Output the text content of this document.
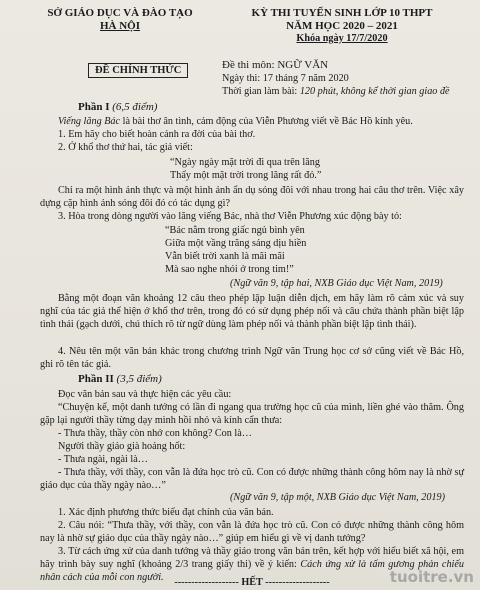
SỞ GIÁO DỤC VÀ ĐÀO TẠO
HÀ NỘI
ĐỀ CHÍNH THỨC
KỲ THI TUYỂN SINH LỚP 10 THPT
NĂM HỌC 2020 – 2021
Khóa ngày 17/7/2020
Đề thi môn: NGỮ VĂN
Ngày thi: 17 tháng 7 năm 2020
Thời gian làm bài: 120 phút, không kể thời gian giao đề
Phần I (6,5 điểm)
Viếng lăng Bác là bài thơ ân tình, cảm động của Viễn Phương viết về Bác Hồ kính yêu.
1. Em hãy cho biết hoàn cảnh ra đời của bài thơ.
2. Ở khổ thơ thứ hai, tác giả viết:
“Ngày ngày mặt trời đi qua trên lăng
Thấy một mặt trời trong lăng rất đỏ.”
Chỉ ra một hình ảnh thực và một hình ảnh ẩn dụ sóng đôi với nhau trong hai câu thơ trên. Việc xây dựng cặp hình ảnh sóng đôi đó có tác dụng gì?
3. Hòa trong dòng người vào lăng viếng Bác, nhà thơ Viễn Phương xúc động bày tỏ:
“Bác nằm trong giấc ngủ bình yên
Giữa một vầng trăng sáng dịu hiền
Vẫn biết trời xanh là mãi mãi
Mà sao nghe nhói ở trong tim!”
(Ngữ văn 9, tập hai, NXB Giáo dục Việt Nam, 2019)
Bằng một đoạn văn khoảng 12 câu theo phép lập luận diễn dịch, em hãy làm rõ cảm xúc và suy nghĩ của tác giả thể hiện ở khổ thơ trên, trong đó có sử dụng phép nối và câu chứa thành phần biệt lập tình thái (gạch dưới, chú thích rõ từ ngữ dùng làm phép nối và thành phần biệt lập tình thái).
4. Nêu tên một văn bản khác trong chương trình Ngữ văn Trung học cơ sở cũng viết về Bác Hồ, ghi rõ tên tác giả.
Phần II (3,5 điểm)
Đọc văn bản sau và thực hiện các yêu cầu:
“Chuyện kể, một danh tướng có lần đi ngang qua trường học cũ của mình, liền ghé vào thăm. Ông gặp lại người thầy từng dạy mình hồi nhỏ và kính cẩn thưa:
- Thưa thầy, thầy còn nhớ con không? Con là…
Người thầy giáo già hoảng hốt:
- Thưa ngài, ngài là…
- Thưa thầy, với thầy, con vẫn là đứa học trò cũ. Con có được những thành công hôm nay là nhờ sự giáo dục của thầy ngày nào…”
(Ngữ văn 9, tập một, NXB Giáo dục Việt Nam, 2019)
1. Xác định phương thức biểu đạt chính của văn bản.
2. Câu nói: “Thưa thầy, với thầy, con vẫn là đứa học trò cũ. Con có được những thành công hôm nay là nhờ sự giáo dục của thầy ngày nào…” giúp em hiểu gì về vị danh tướng?
3. Từ cách ứng xử của danh tướng và thầy giáo trong văn bản trên, kết hợp với hiểu biết xã hội, em hãy trình bày suy nghĩ (khoảng 2/3 trang giấy thi) về ý kiến: Cách ứng xử là tấm gương phản chiếu nhân cách của mỗi con người.	------------------- HẾT -------------------	tuoitre.vn
